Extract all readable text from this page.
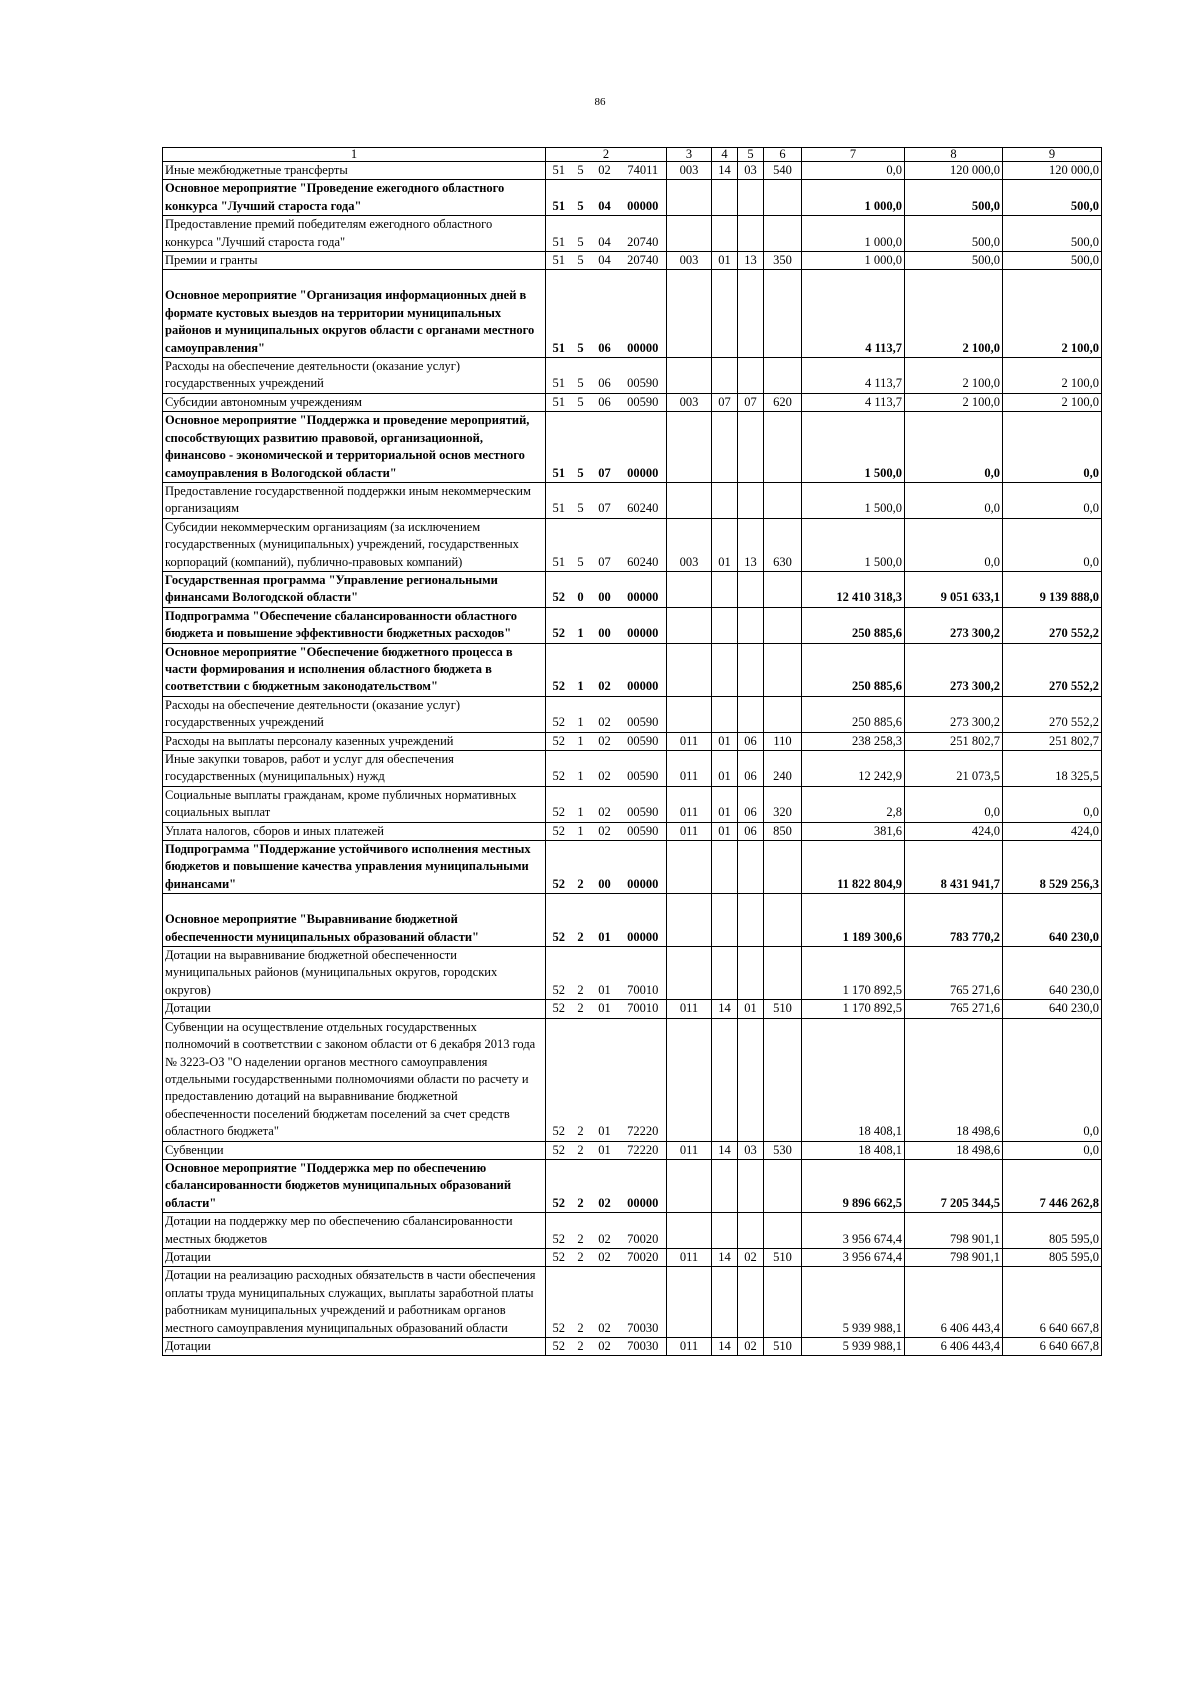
86
1	2				3	4	5	6	7	8	9
Иные межбюджетные трансферты	51	5	02	74011	003	14	03	540	0,0	120 000,0	120 000,0
Основное мероприятие "Проведение ежегодного областного конкурса "Лучший староста года"	51	5	04	00000					1 000,0	500,0	500,0
Предоставление премий победителям ежегодного областного конкурса "Лучший староста года"	51	5	04	20740					1 000,0	500,0	500,0
Премии и гранты	51	5	04	20740	003	01	13	350	1 000,0	500,0	500,0
Основное мероприятие "Организация информационных дней в формате кустовых выездов на территории муниципальных районов и муниципальных округов области с органами местного самоуправления"	51	5	06	00000					4 113,7	2 100,0	2 100,0
Расходы на обеспечение деятельности (оказание услуг) государственных учреждений	51	5	06	00590					4 113,7	2 100,0	2 100,0
Субсидии автономным учреждениям	51	5	06	00590	003	07	07	620	4 113,7	2 100,0	2 100,0
Основное мероприятие "Поддержка и проведение мероприятий, способствующих развитию правовой, организационной, финансово - экономической и территориальной основ местного самоуправления в Вологодской области"	51	5	07	00000					1 500,0	0,0	0,0
Предоставление государственной поддержки иным некоммерческим организациям	51	5	07	60240					1 500,0	0,0	0,0
Субсидии некоммерческим организациям (за исключением государственных (муниципальных) учреждений, государственных корпораций (компаний), публично-правовых компаний)	51	5	07	60240	003	01	13	630	1 500,0	0,0	0,0
Государственная программа "Управление региональными финансами Вологодской области"	52	0	00	00000					12 410 318,3	9 051 633,1	9 139 888,0
Подпрограмма "Обеспечение сбалансированности областного бюджета и повышение эффективности бюджетных расходов"	52	1	00	00000					250 885,6	273 300,2	270 552,2
Основное мероприятие "Обеспечение бюджетного процесса в части формирования и исполнения областного бюджета в соответствии с бюджетным законодательством"	52	1	02	00000					250 885,6	273 300,2	270 552,2
Расходы на обеспечение деятельности (оказание услуг) государственных учреждений	52	1	02	00590					250 885,6	273 300,2	270 552,2
Расходы на выплаты персоналу казенных учреждений	52	1	02	00590	011	01	06	110	238 258,3	251 802,7	251 802,7
Иные закупки товаров, работ и услуг для обеспечения государственных (муниципальных) нужд	52	1	02	00590	011	01	06	240	12 242,9	21 073,5	18 325,5
Социальные выплаты гражданам, кроме публичных нормативных социальных выплат	52	1	02	00590	011	01	06	320	2,8	0,0	0,0
Уплата налогов, сборов и иных платежей	52	1	02	00590	011	01	06	850	381,6	424,0	424,0
Подпрограмма "Поддержание устойчивого исполнения местных бюджетов и повышение качества управления муниципальными финансами"	52	2	00	00000					11 822 804,9	8 431 941,7	8 529 256,3
Основное мероприятие "Выравнивание бюджетной обеспеченности муниципальных образований области"	52	2	01	00000					1 189 300,6	783 770,2	640 230,0
Дотации на выравнивание бюджетной обеспеченности муниципальных районов (муниципальных округов, городских округов)	52	2	01	70010					1 170 892,5	765 271,6	640 230,0
Дотации	52	2	01	70010	011	14	01	510	1 170 892,5	765 271,6	640 230,0
Субвенции на осуществление отдельных государственных полномочий в соответствии с законом области от 6 декабря 2013 года № 3223-ОЗ "О наделении органов местного самоуправления отдельными государственными полномочиями области по расчету и предоставлению дотаций на выравнивание бюджетной обеспеченности поселений бюджетам поселений за счет средств областного бюджета"	52	2	01	72220					18 408,1	18 498,6	0,0
Субвенции	52	2	01	72220	011	14	03	530	18 408,1	18 498,6	0,0
Основное мероприятие "Поддержка мер по обеспечению сбалансированности бюджетов муниципальных образований области"	52	2	02	00000					9 896 662,5	7 205 344,5	7 446 262,8
Дотации на поддержку мер по обеспечению сбалансированности местных бюджетов	52	2	02	70020					3 956 674,4	798 901,1	805 595,0
Дотации	52	2	02	70020	011	14	02	510	3 956 674,4	798 901,1	805 595,0
Дотации на реализацию расходных обязательств в части обеспечения оплаты труда муниципальных служащих, выплаты заработной платы работникам муниципальных учреждений и работникам органов местного самоуправления муниципальных образований области	52	2	02	70030					5 939 988,1	6 406 443,4	6 640 667,8
Дотации	52	2	02	70030	011	14	02	510	5 939 988,1	6 406 443,4	6 640 667,8
